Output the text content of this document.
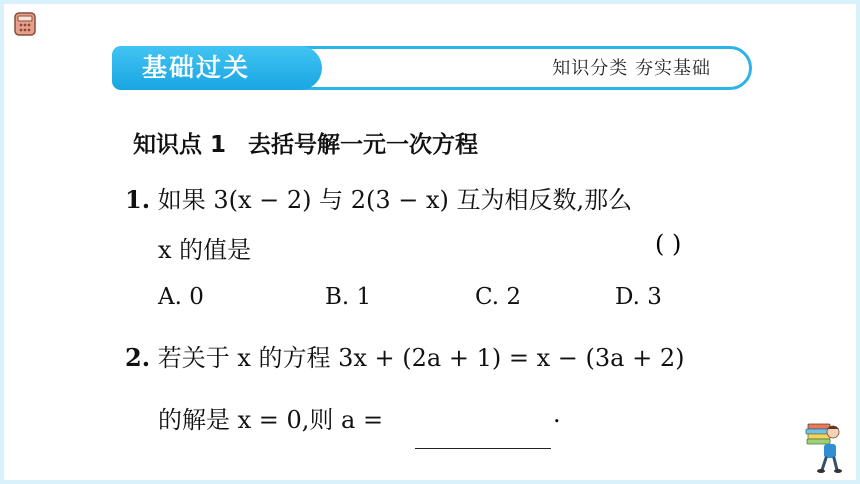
基础过关	知识分类 夯实基础
知识点 1 去括号解一元一次方程
1. 如果 3(x − 2) 与 2(3 − x) 互为相反数,那么
x 的值是	( )
A. 0	B. 1	C. 2	D. 3
2. 若关于 x 的方程 3x + (2a + 1) = x − (3a + 2)
的解是 x = 0,则 a =	.
